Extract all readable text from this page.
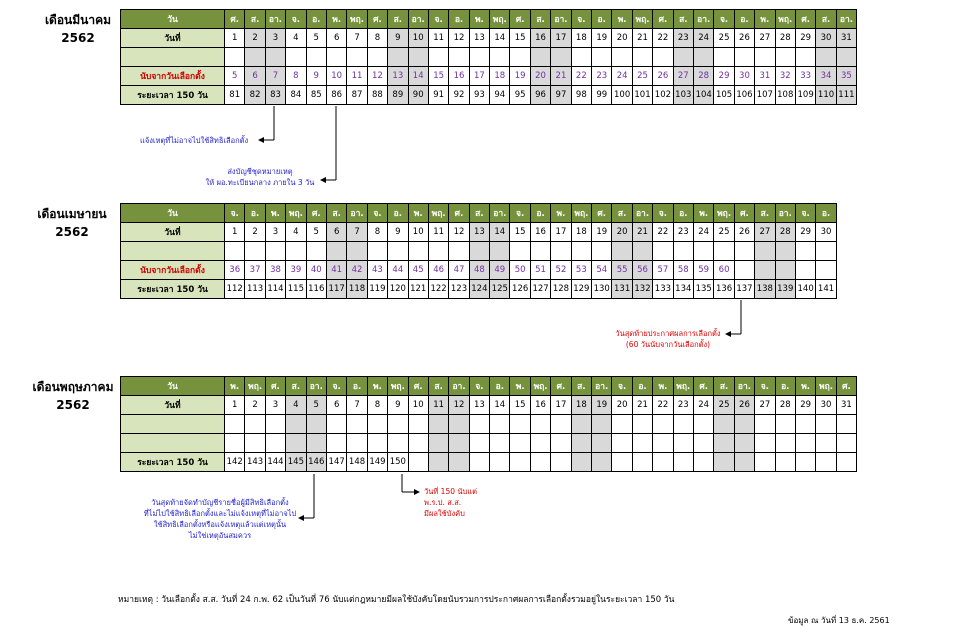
เดือนมีนาคม
2562
วัน	ศ.	ส.	อา.	จ.	อ.	พ.	พฤ.	ศ.	ส.	อา.	จ.	อ.	พ.	พฤ.	ศ.	ส.	อา.	จ.	อ.	พ.	พฤ.	ศ.	ส.	อา.	จ.	อ.	พ.	พฤ.	ศ.	ส.	อา.
วันที่	1	2	3	4	5	6	7	8	9	10	11	12	13	14	15	16	17	18	19	20	21	22	23	24	25	26	27	28	29	30	31

นับจากวันเลือกตั้ง	5	6	7	8	9	10	11	12	13	14	15	16	17	18	19	20	21	22	23	24	25	26	27	28	29	30	31	32	33	34	35
ระยะเวลา 150 วัน	81	82	83	84	85	86	87	88	89	90	91	92	93	94	95	96	97	98	99	100	101	102	103	104	105	106	107	108	109	110	111
เดือนเมษายน
2562
วัน	จ.	อ.	พ.	พฤ.	ศ.	ส.	อา.	จ.	อ.	พ.	พฤ.	ศ.	ส.	อา.	จ.	อ.	พ.	พฤ.	ศ.	ส.	อา.	จ.	อ.	พ.	พฤ.	ศ.	ส.	อา.	จ.	อ.
วันที่	1	2	3	4	5	6	7	8	9	10	11	12	13	14	15	16	17	18	19	20	21	22	23	24	25	26	27	28	29	30

นับจากวันเลือกตั้ง	36	37	38	39	40	41	42	43	44	45	46	47	48	49	50	51	52	53	54	55	56	57	58	59	60					
ระยะเวลา 150 วัน	112	113	114	115	116	117	118	119	120	121	122	123	124	125	126	127	128	129	130	131	132	133	134	135	136	137	138	139	140	141
เดือนพฤษภาคม
2562
วัน	พ.	พฤ.	ศ.	ส.	อา.	จ.	อ.	พ.	พฤ.	ศ.	ส.	อา.	จ.	อ.	พ.	พฤ.	ศ.	ส.	อา.	จ.	อ.	พ.	พฤ.	ศ.	ส.	อา.	จ.	อ.	พ.	พฤ.	ศ.
วันที่	1	2	3	4	5	6	7	8	9	10	11	12	13	14	15	16	17	18	19	20	21	22	23	24	25	26	27	28	29	30	31

ระยะเวลา 150 วัน	142	143	144	145	146	147	148	149	150																						
แจ้งเหตุที่ไม่อาจไปใช้สิทธิเลือกตั้ง
ส่งบัญชีชุดหมายเหตุ
ให้ ผอ.ทะเบียนกลาง ภายใน 3 วัน
วันสุดท้ายประกาศผลการเลือกตั้ง
(60 วันนับจากวันเลือกตั้ง)
วันสุดท้ายจัดทำบัญชีรายชื่อผู้มีสิทธิเลือกตั้ง
ที่ไม่ไปใช้สิทธิเลือกตั้งและไม่แจ้งเหตุที่ไม่อาจไป
ใช้สิทธิเลือกตั้งหรือแจ้งเหตุแล้วแต่เหตุนั้น
ไม่ใช่เหตุอันสมควร
วันที่ 150 นับแต่
พ.ร.ป. ส.ส.
มีผลใช้บังคับ
หมายเหตุ : วันเลือกตั้ง ส.ส. วันที่ 24 ก.พ. 62 เป็นวันที่ 76 นับแต่กฎหมายมีผลใช้บังคับโดยนับรวมการประกาศผลการเลือกตั้งรวมอยู่ในระยะเวลา 150 วัน
ข้อมูล ณ วันที่ 13 ธ.ค. 2561
